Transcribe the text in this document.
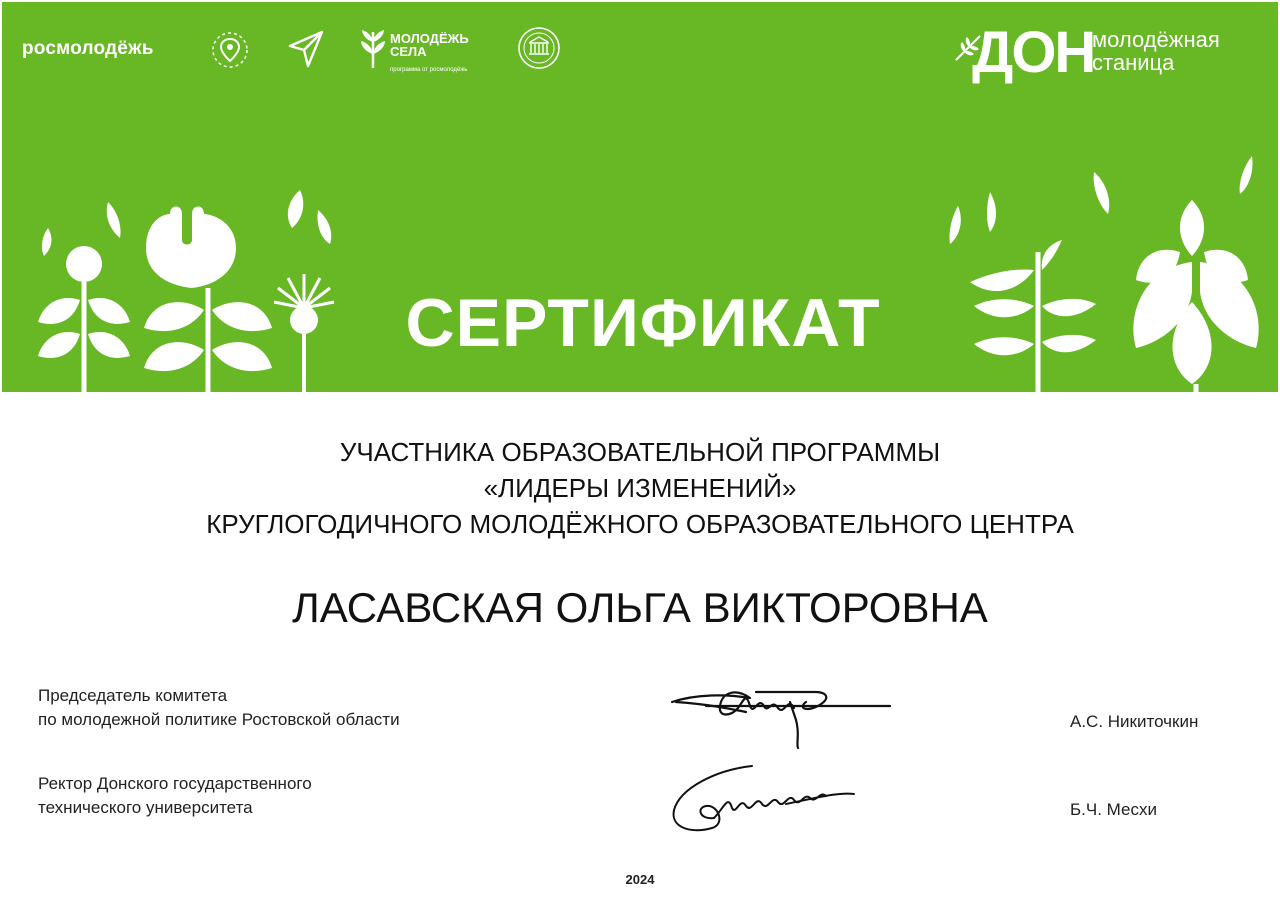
росмолодёжь	МОЛОДЁЖЬ
СЕЛА
программа от росмолодёжь	ДОН
молодёжная
станица
СЕРТИФИКАТ
УЧАСТНИКА ОБРАЗОВАТЕЛЬНОЙ ПРОГРАММЫ
«ЛИДЕРЫ ИЗМЕНЕНИЙ»
КРУГЛОГОДИЧНОГО МОЛОДЁЖНОГО ОБРАЗОВАТЕЛЬНОГО ЦЕНТРА
ЛАСАВСКАЯ ОЛЬГА ВИКТОРОВНА
Председатель комитета
по молодежной политике Ростовской области	А.С. Никиточкин
Ректор Донского государственного
технического университета	Б.Ч. Месхи
2024
